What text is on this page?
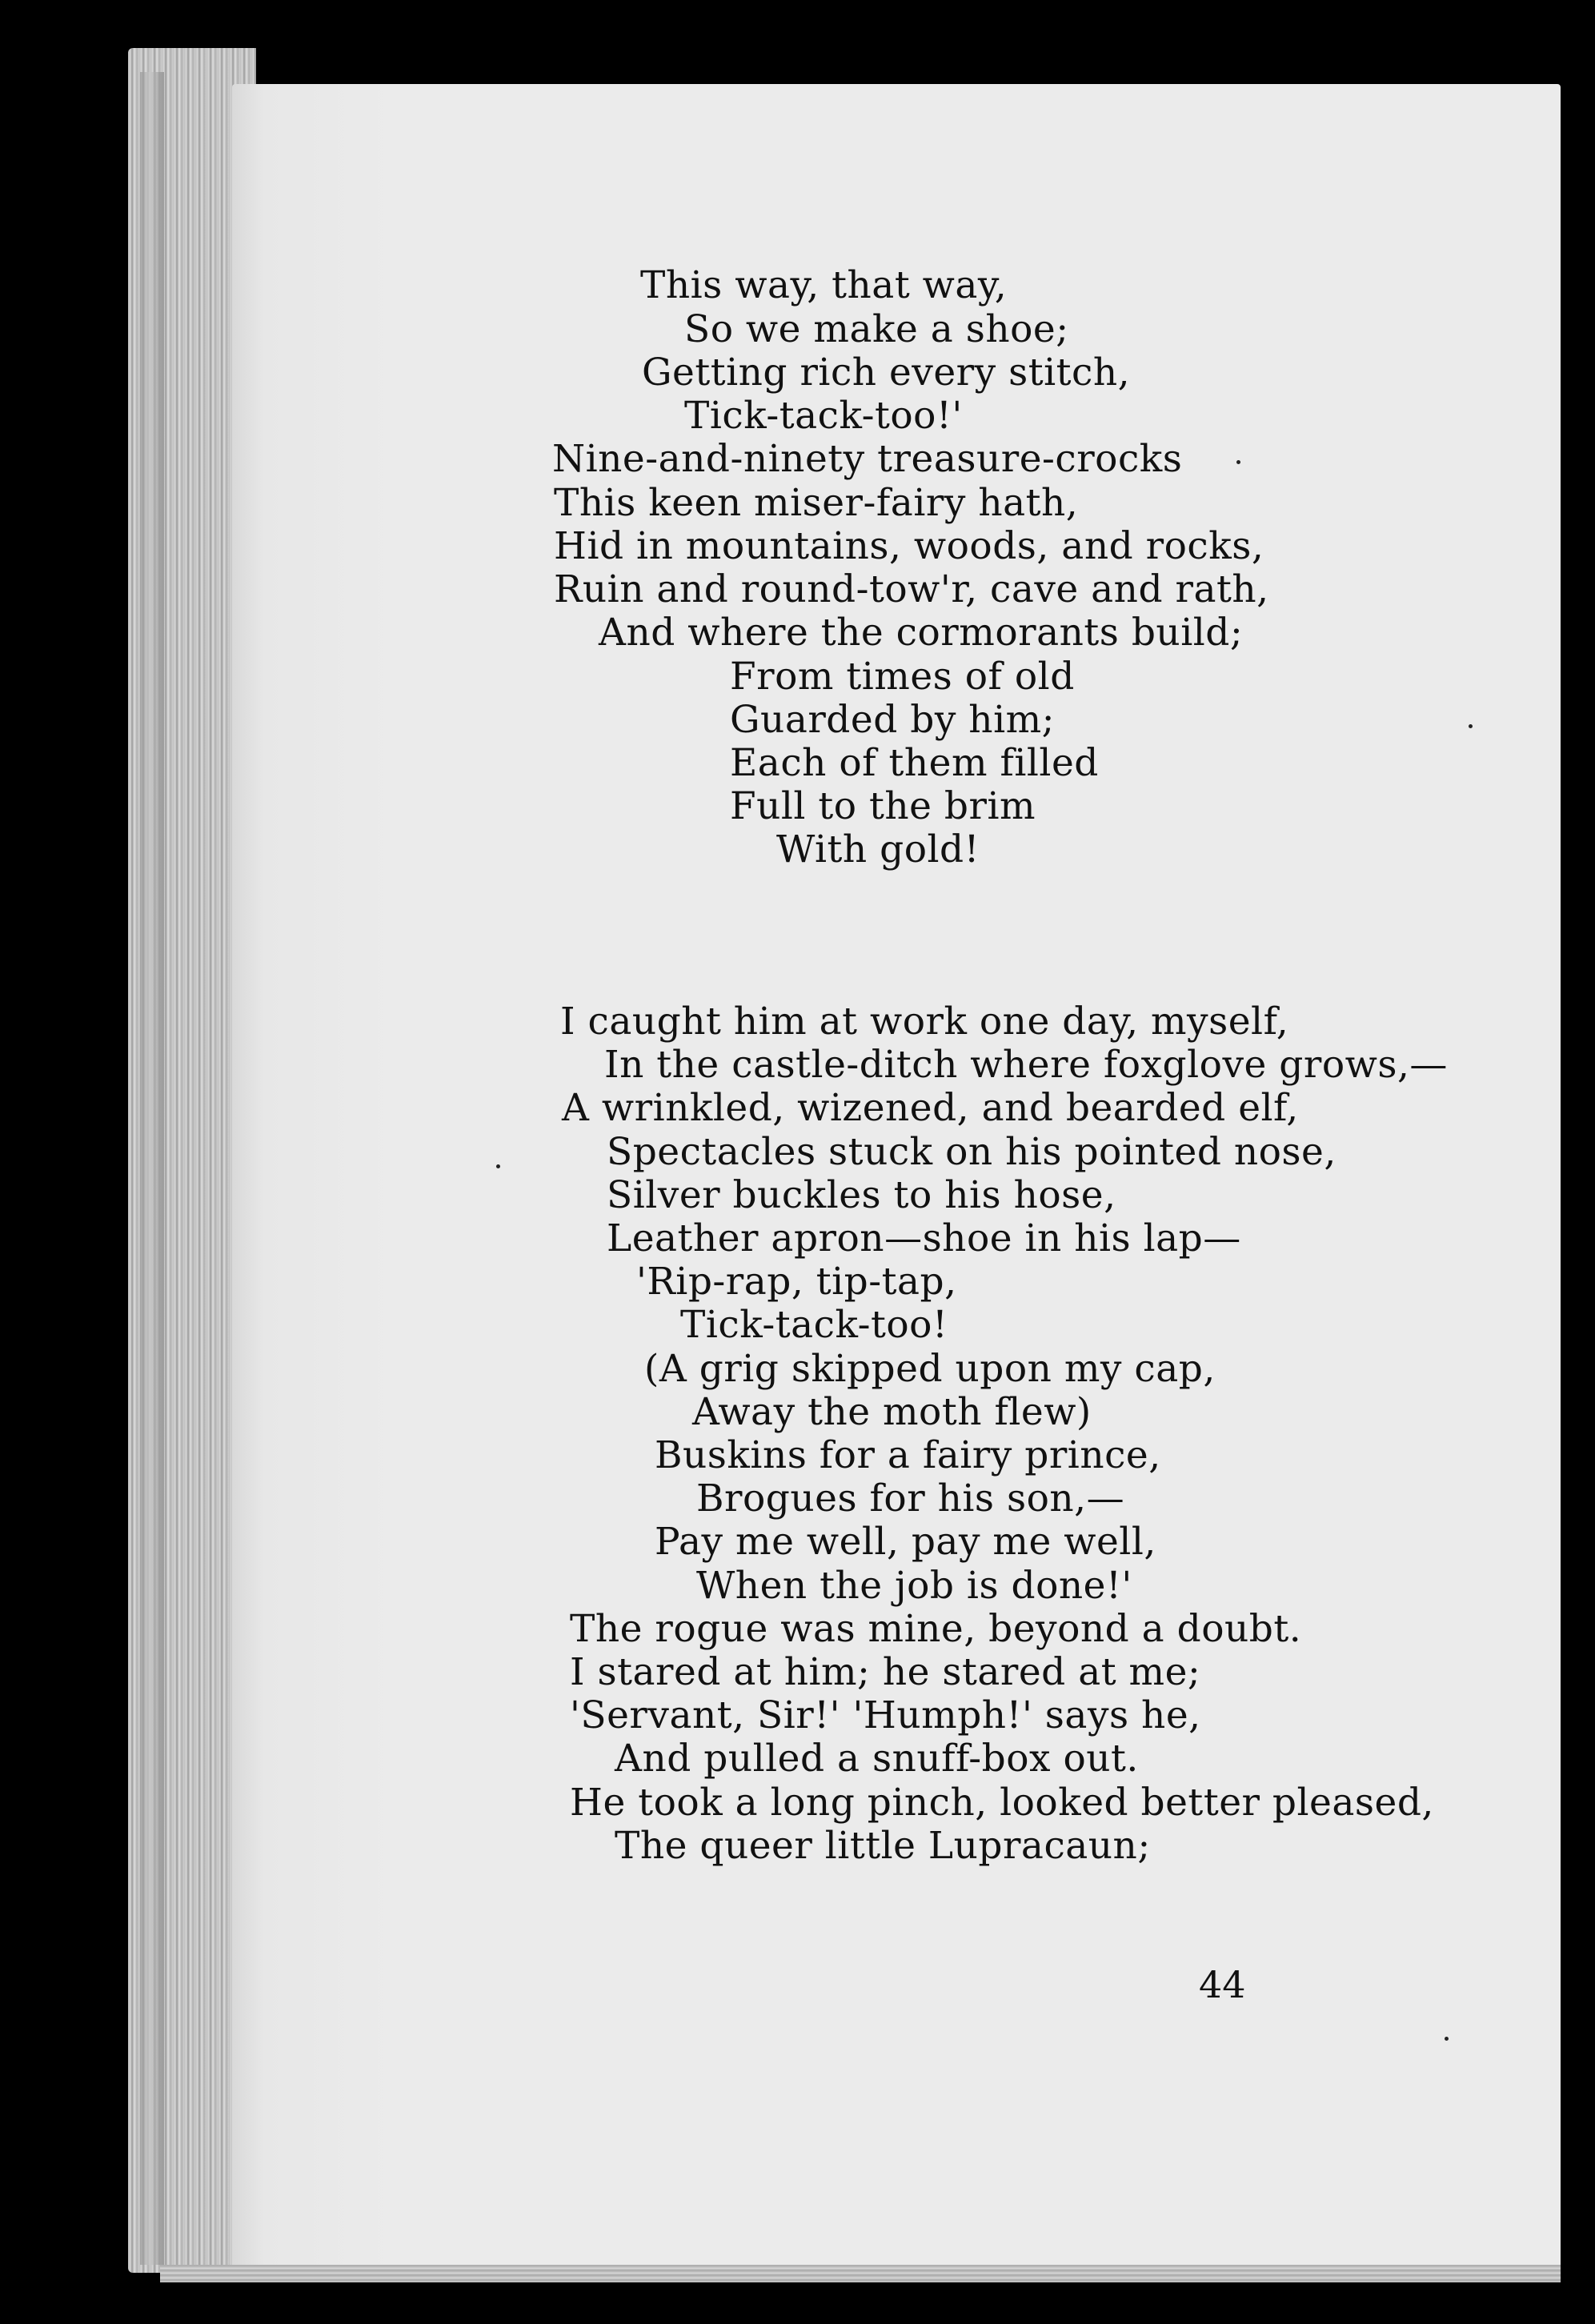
This way, that way,
So we make a shoe;
Getting rich every stitch,
Tick-tack-too!'
Nine-and-ninety treasure-crocks
This keen miser-fairy hath,
Hid in mountains, woods, and rocks,
Ruin and round-tow'r, cave and rath,
And where the cormorants build;
From times of old
Guarded by him;
Each of them filled
Full to the brim
With gold!
I caught him at work one day, myself,
In the castle-ditch where foxglove grows,—
A wrinkled, wizened, and bearded elf,
Spectacles stuck on his pointed nose,
Silver buckles to his hose,
Leather apron—shoe in his lap—
'Rip-rap, tip-tap,
Tick-tack-too!
(A grig skipped upon my cap,
Away the moth flew)
Buskins for a fairy prince,
Brogues for his son,—
Pay me well, pay me well,
When the job is done!'
The rogue was mine, beyond a doubt.
I stared at him; he stared at me;
'Servant, Sir!' 'Humph!' says he,
And pulled a snuff-box out.
He took a long pinch, looked better pleased,
The queer little Lupracaun;
44
